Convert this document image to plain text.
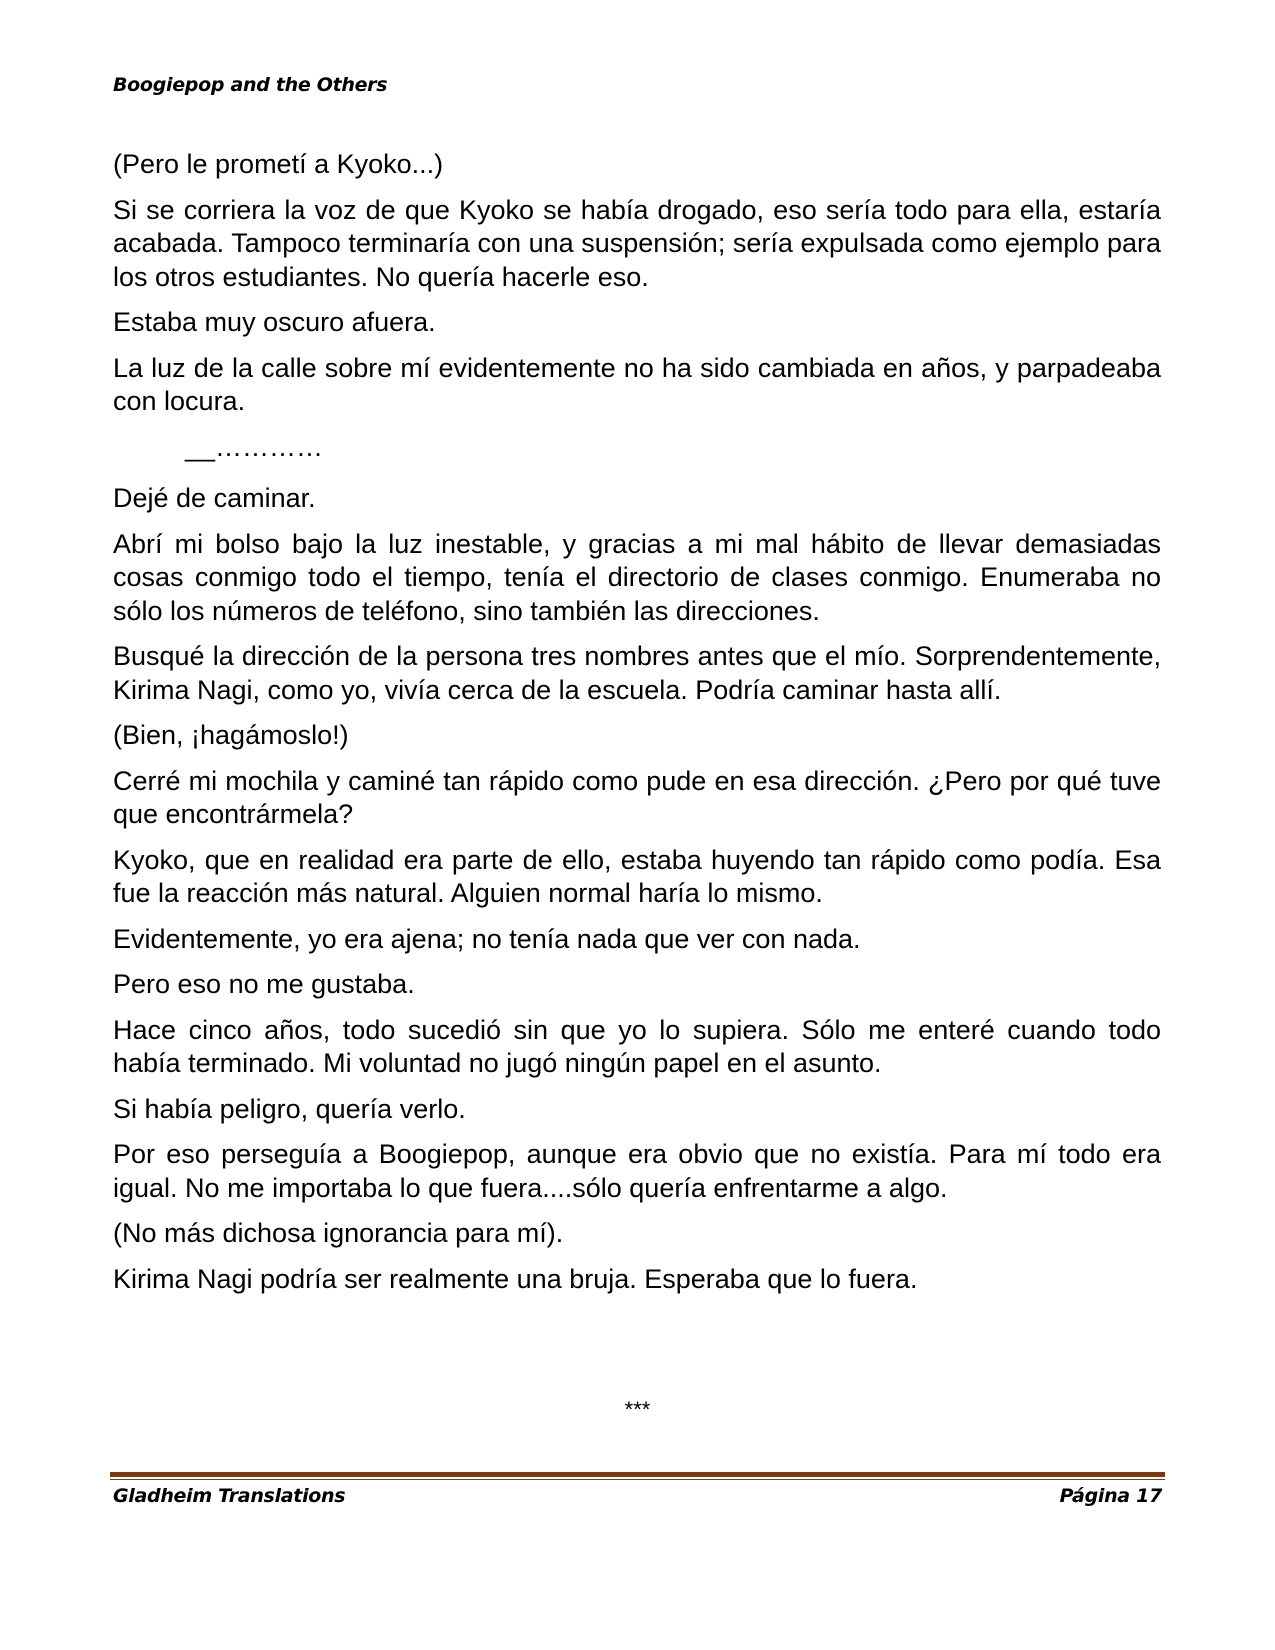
Boogiepop and the Others

(Pero le prometí a Kyoko...)

Si se corriera la voz de que Kyoko se había drogado, eso sería todo para ella, estaría acabada. Tampoco terminaría con una suspensión; sería expulsada como ejemplo para los otros estudiantes. No quería hacerle eso.

Estaba muy oscuro afuera.

La luz de la calle sobre mí evidentemente no ha sido cambiada en años, y parpadeaba con locura.

__…………

Dejé de caminar.

Abrí mi bolso bajo la luz inestable, y gracias a mi mal hábito de llevar demasiadas cosas conmigo todo el tiempo, tenía el directorio de clases conmigo. Enumeraba no sólo los números de teléfono, sino también las direcciones.

Busqué la dirección de la persona tres nombres antes que el mío. Sorprendentemente, Kirima Nagi, como yo, vivía cerca de la escuela. Podría caminar hasta allí.

(Bien, ¡hagámoslo!)

Cerré mi mochila y caminé tan rápido como pude en esa dirección. ¿Pero por qué tuve que encontrármela?

Kyoko, que en realidad era parte de ello, estaba huyendo tan rápido como podía. Esa fue la reacción más natural. Alguien normal haría lo mismo.

Evidentemente, yo era ajena; no tenía nada que ver con nada.

Pero eso no me gustaba.

Hace cinco años, todo sucedió sin que yo lo supiera. Sólo me enteré cuando todo había terminado. Mi voluntad no jugó ningún papel en el asunto.

Si había peligro, quería verlo.

Por eso perseguía a Boogiepop, aunque era obvio que no existía. Para mí todo era igual. No me importaba lo que fuera....sólo quería enfrentarme a algo.

(No más dichosa ignorancia para mí).

Kirima Nagi podría ser realmente una bruja. Esperaba que lo fuera.

***
Gladheim Translations	Página 17
